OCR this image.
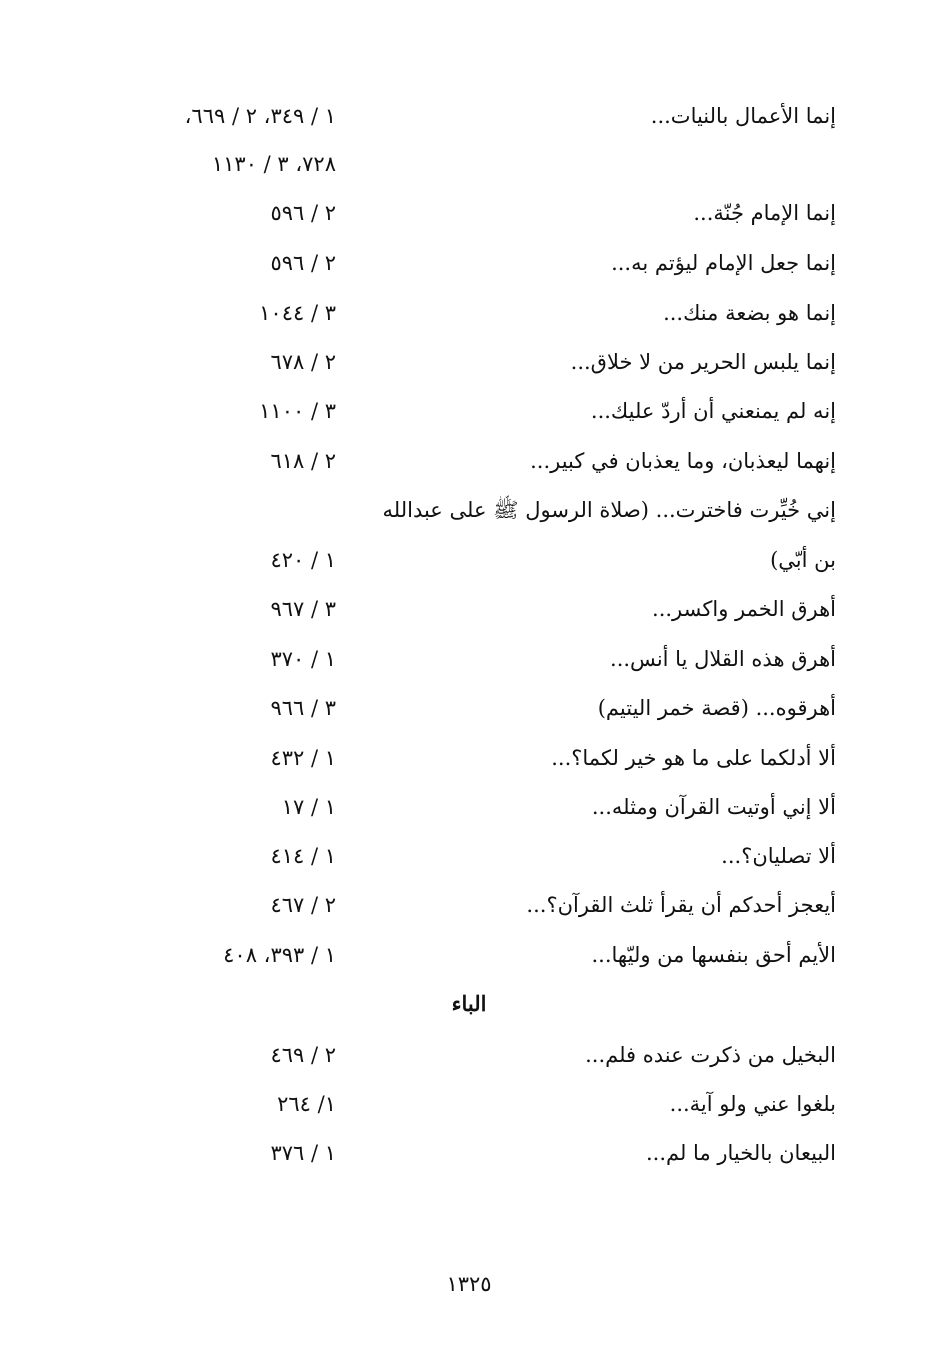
إنما الأعمال بالنيات...
١ / ٣٤٩، ٢ / ٦٦٩،
٧٢٨، ٣ / ١١٣٠
إنما الإمام جُنّة...
٢ / ٥٩٦
إنما جعل الإمام ليؤتم به...
٢ / ٥٩٦
إنما هو بضعة منك...
٣ / ١٠٤٤
إنما يلبس الحرير من لا خلاق...
٢ / ٦٧٨
إنه لم يمنعني أن أردّ عليك...
٣ / ١١٠٠
إنهما ليعذبان، وما يعذبان في كبير...
٢ / ٦١٨
إني خُيِّرت فاخترت... (صلاة الرسول ﷺ على عبدالله
بن أبّي)
١ / ٤٢٠
أهرق الخمر واكسر...
٣ / ٩٦٧
أهرق هذه القلال يا أنس...
١ / ٣٧٠
أهرقوه... (قصة خمر اليتيم)
٣ / ٩٦٦
ألا أدلكما على ما هو خير لكما؟...
١ / ٤٣٢
ألا إني أوتيت القرآن ومثله...
١ / ١٧
ألا تصليان؟...
١ / ٤١٤
أيعجز أحدكم أن يقرأ ثلث القرآن؟...
٢ / ٤٦٧
الأيم أحق بنفسها من وليّها...
١ / ٣٩٣، ٤٠٨
الباء
البخيل من ذكرت عنده فلم...
٢ / ٤٦٩
بلغوا عني ولو آية...
١/ ٢٦٤
البيعان بالخيار ما لم...
١ / ٣٧٦
١٣٢٥
